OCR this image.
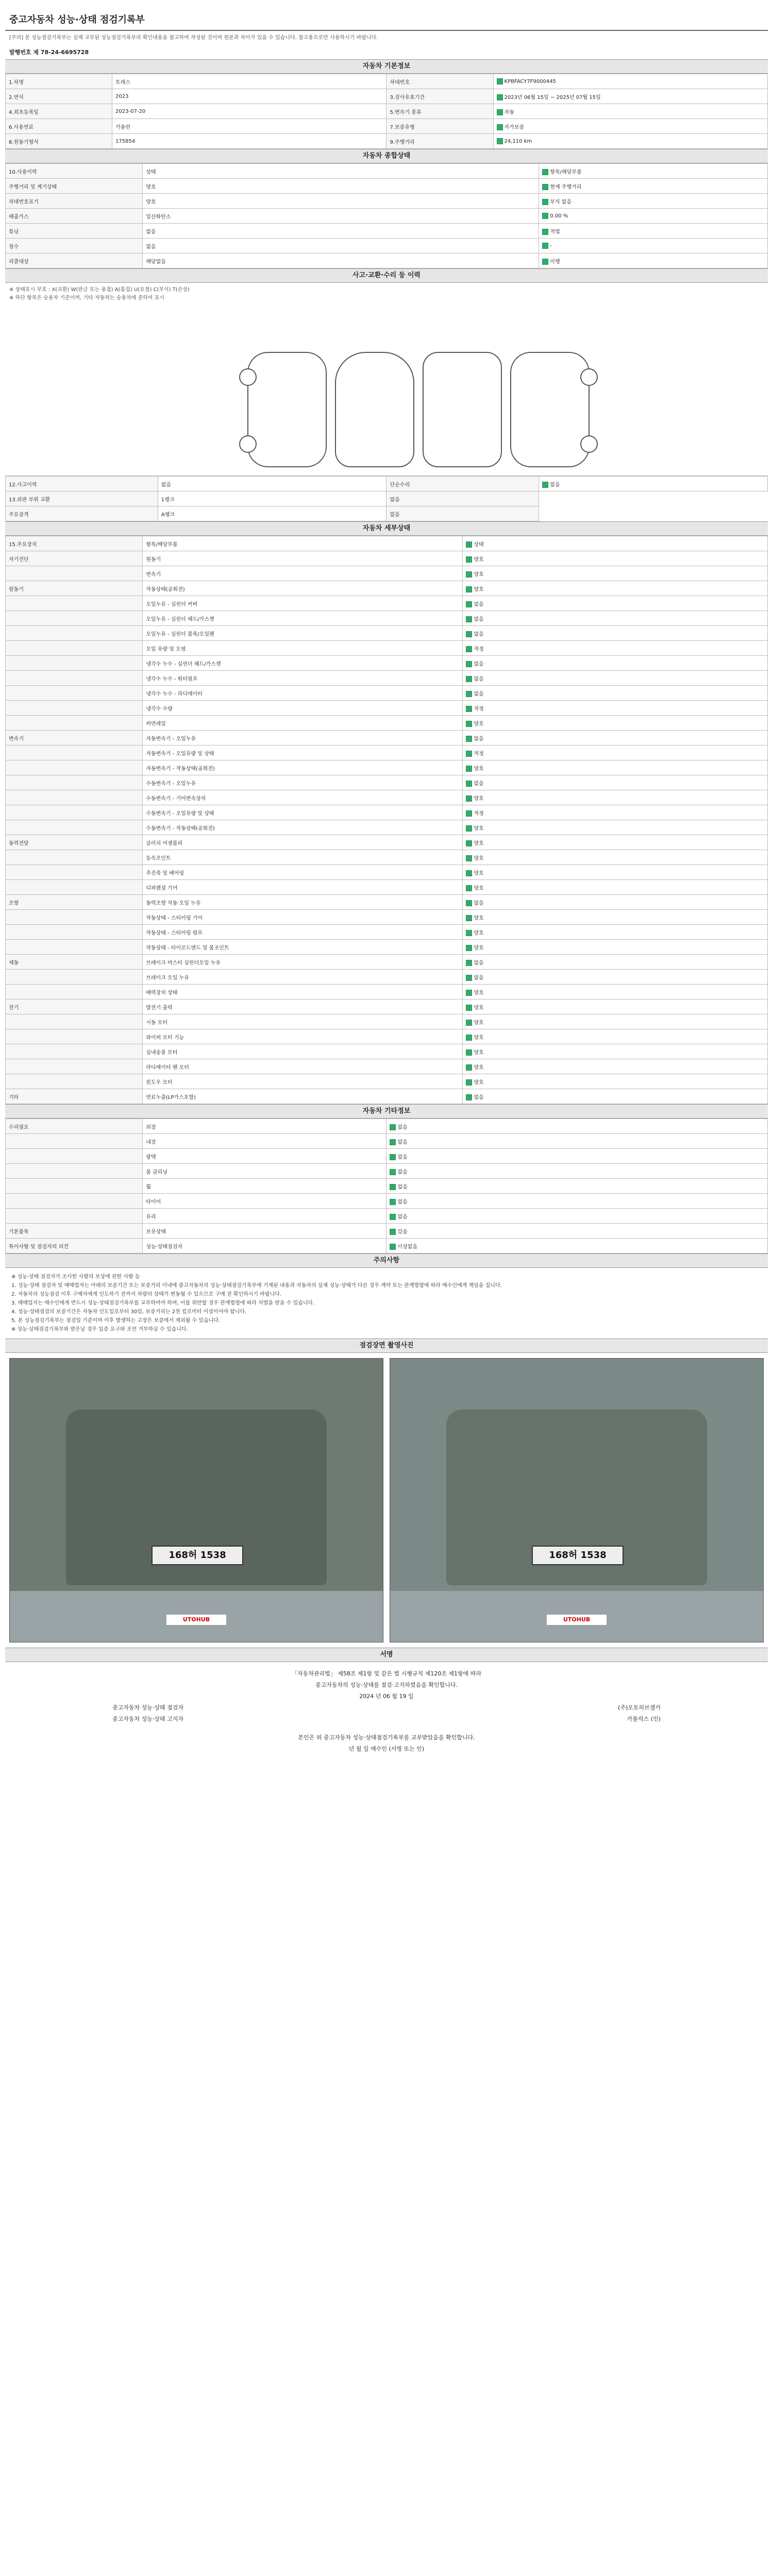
중고자동차 성능·상태 점검기록부
[주의] 본 성능점검기록부는 실제 교부된 성능점검기록부의 확인내용을 참고하여 작성된 것이며 원본과 차이가 있을 수 있습니다. 참고용으로만 사용하시기 바랍니다.
발행번호 제 78-24-6695728
자동차 기본정보
1.차명	토레스	차대번호	KPBFACY7F9000445
2.연식	2023	3.검사유효기간	2023년 06월 15일 ~ 2025년 07월 15일
4.최초등록일	2023-07-20	5.변속기 종류	자동
6.사용연료	가솔린	7.보증유형	자가보증
8.원동기형식	175854	9.주행거리	24,110 km
자동차 종합상태
10.사용이력	상태	항목/해당부품
주행거리 및 계기상태	양호	현재 주행거리
차대번호표기	양호	부식 없음
배출가스	일산화탄소	0.00 %
튜닝	없음	적법
침수	없음	-
리콜대상	해당없음	이행
사고·교환·수리 등 이력
※ 상태표시 부호 : X(교환) W(판금 또는 용접) A(흠집) U(요철) C(부식) T(손상)
※ 하단 항목은 승용차 기준이며, 기타 자동차는 승용차에 준하여 표시
12.사고이력	없음	단순수리	없음
13.외판 부위 교환	1랭크	없음	
주요골격	A랭크	없음	
자동차 세부상태
15.주요장치	항목/해당부품	상태
자기진단	원동기	양호
	변속기	양호
원동기	작동상태(공회전)	양호
	오일누유 - 실린더 커버	없음
	오일누유 - 실린더 헤드/가스켓	없음
	오일누유 - 실린더 블록/오일팬	없음
	오일 유량 및 오염	적정
	냉각수 누수 - 실린더 헤드/가스켓	없음
	냉각수 누수 - 워터펌프	없음
	냉각수 누수 - 라디에이터	없음
	냉각수 수량	적정
	커먼레일	양호
변속기	자동변속기 - 오일누유	없음
	자동변속기 - 오일유량 및 상태	적정
	자동변속기 - 작동상태(공회전)	양호
	수동변속기 - 오일누유	없음
	수동변속기 - 기어변속장치	양호
	수동변속기 - 오일유량 및 상태	적정
	수동변속기 - 작동상태(공회전)	양호
동력전달	클러치 어셈블리	양호
	등속조인트	양호
	추진축 및 베어링	양호
	디퍼렌셜 기어	양호
조향	동력조향 작동 오일 누유	없음
	작동상태 - 스티어링 기어	양호
	작동상태 - 스티어링 펌프	양호
	작동상태 - 타이로드엔드 및 볼조인트	양호
제동	브레이크 마스터 실린더오일 누유	없음
	브레이크 오일 누유	없음
	배력장치 상태	양호
전기	발전기 출력	양호
	시동 모터	양호
	와이퍼 모터 기능	양호
	실내송풍 모터	양호
	라디에이터 팬 모터	양호
	윈도우 모터	양호
기타	연료누출(LP가스포함)	없음
자동차 기타정보
수리필요	외장	없음
	내장	없음
	광택	없음
	룸 클리닝	없음
	휠	없음
	타이어	없음
	유리	없음
기본품목	보유상태	있음
특이사항 및 점검자의 의견	성능·상태점검자	이상없음
주의사항

※ 성능·상태 점검자가 조사한 사항의 보상에 관한 사항 등

1. 성능·상태 점검자 및 매매업자는 아래의 보증기간 또는 보증거리 이내에 중고자동차의 성능·상태점검기록부에 기재된 내용과 자동차의 실제 성능·상태가 다른 경우 계약 또는 관계법령에 따라 매수인에게 책임을 집니다.

2. 자동차의 성능점검 이후 구매자에게 인도하기 전까지 차량의 상태가 변동될 수 있으므로 구매 전 확인하시기 바랍니다.

3. 매매업자는 매수인에게 반드시 성능·상태점검기록부를 교부하여야 하며, 이를 위반할 경우 관계법령에 따라 처벌을 받을 수 있습니다.

4. 성능·상태점검의 보증기간은 자동차 인도일로부터 30일, 보증거리는 2천 킬로미터 이상이어야 합니다.

5. 본 성능점검기록부는 점검일 기준이며 이후 발생하는 고장은 보증에서 제외될 수 있습니다.

※ 성능·상태점검기록부와 받은날 경우 입증 요구와 조언 거부하실 수 있습니다.

점검장면 촬영사진
168허 1538
UTOHUB
168허 1538
UTOHUB
서명
「자동차관리법」 제58조 제1항 및 같은 법 시행규칙 제120조 제1항에 따라
중고자동차의 성능·상태를 점검·고지하였음을 확인합니다.
2024 년 06 월 19 일
중고자동차 성능·상태 점검자	(주)오토허브셀카
중고자동차 성능·상태 고지자	카톨릭스 (인)
본인은 위 중고자동차 성능·상태점검기록부를 교부받았음을 확인합니다.
년 월 일 매수인 (서명 또는 인)
